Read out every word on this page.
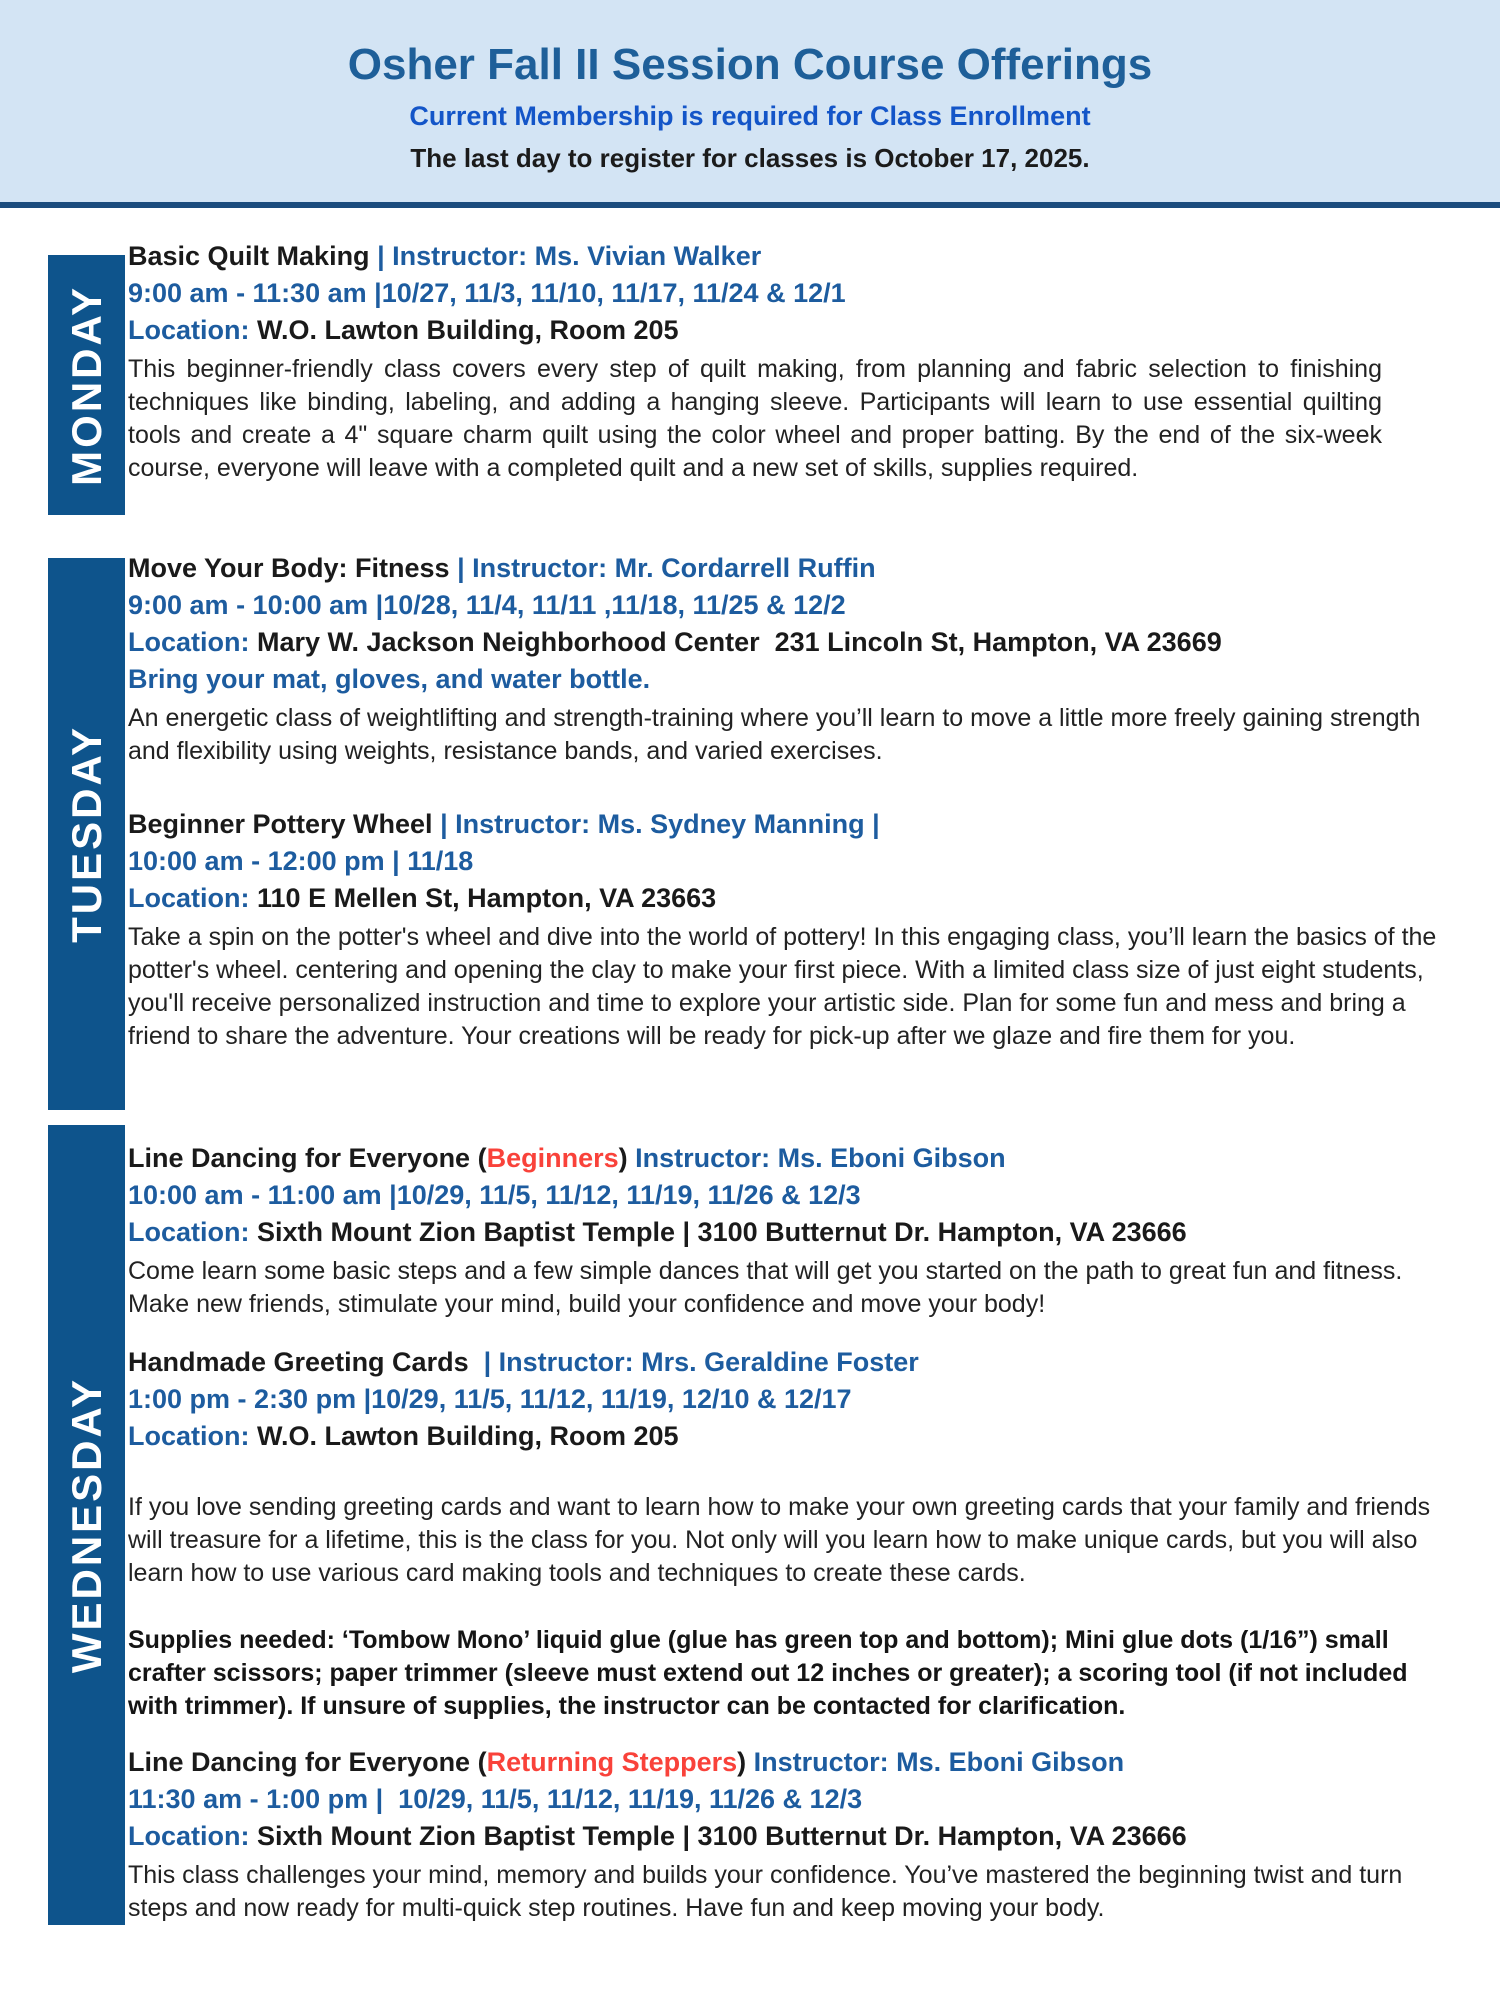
Osher Fall II Session Course Offerings
Current Membership is required for Class Enrollment
The last day to register for classes is October 17, 2025.
MONDAY
TUESDAY
WEDNESDAY
Basic Quilt Making | Instructor: Ms. Vivian Walker

9:00 am - 11:30 am |10/27, 11/3, 11/10, 11/17, 11/24 & 12/1

Location: W.O. Lawton Building, Room 205

This beginner-friendly class covers every step of quilt making, from planning and fabric selection to finishing techniques like binding, labeling, and adding a hanging sleeve. Participants will learn to use essential quilting tools and create a 4" square charm quilt using the color wheel and proper batting. By the end of the six-week course, everyone will leave with a completed quilt and a new set of skills, supplies required.

Move Your Body: Fitness | Instructor: Mr. Cordarrell Ruffin

9:00 am - 10:00 am |10/28, 11/4, 11/11 ,11/18, 11/25 & 12/2

Location: Mary W. Jackson Neighborhood Center  231 Lincoln St, Hampton, VA 23669

Bring your mat, gloves, and water bottle.

An energetic class of weightlifting and strength-training where you’ll learn to move a little more freely gaining strength and flexibility using weights, resistance bands, and varied exercises.

Beginner Pottery Wheel | Instructor: Ms. Sydney Manning |

10:00 am - 12:00 pm | 11/18

Location: 110 E Mellen St, Hampton, VA 23663

Take a spin on the potter's wheel and dive into the world of pottery! In this engaging class, you’ll learn the basics of the potter's wheel. centering and opening the clay to make your first piece. With a limited class size of just eight students, you'll receive personalized instruction and time to explore your artistic side. Plan for some fun and mess and bring a friend to share the adventure. Your creations will be ready for pick-up after we glaze and fire them for you.

Line Dancing for Everyone (Beginners) Instructor: Ms. Eboni Gibson

10:00 am - 11:00 am |10/29, 11/5, 11/12, 11/19, 11/26 & 12/3

Location: Sixth Mount Zion Baptist Temple | 3100 Butternut Dr. Hampton, VA 23666

Come learn some basic steps and a few simple dances that will get you started on the path to great fun and fitness. Make new friends, stimulate your mind, build your confidence and move your body!

Handmade Greeting Cards  | Instructor: Mrs. Geraldine Foster

1:00 pm - 2:30 pm |10/29, 11/5, 11/12, 11/19, 12/10 & 12/17

Location: W.O. Lawton Building, Room 205

If you love sending greeting cards and want to learn how to make your own greeting cards that your family and friends will treasure for a lifetime, this is the class for you. Not only will you learn how to make unique cards, but you will also learn how to use various card making tools and techniques to create these cards.

Supplies needed: ‘Tombow Mono’ liquid glue (glue has green top and bottom); Mini glue dots (1/16”) small crafter scissors; paper trimmer (sleeve must extend out 12 inches or greater); a scoring tool (if not included with trimmer). If unsure of supplies, the instructor can be contacted for clarification.

Line Dancing for Everyone (Returning Steppers) Instructor: Ms. Eboni Gibson

11:30 am - 1:00 pm |  10/29, 11/5, 11/12, 11/19, 11/26 & 12/3

Location: Sixth Mount Zion Baptist Temple | 3100 Butternut Dr. Hampton, VA 23666

This class challenges your mind, memory and builds your confidence. You’ve mastered the beginning twist and turn steps and now ready for multi-quick step routines. Have fun and keep moving your body.
